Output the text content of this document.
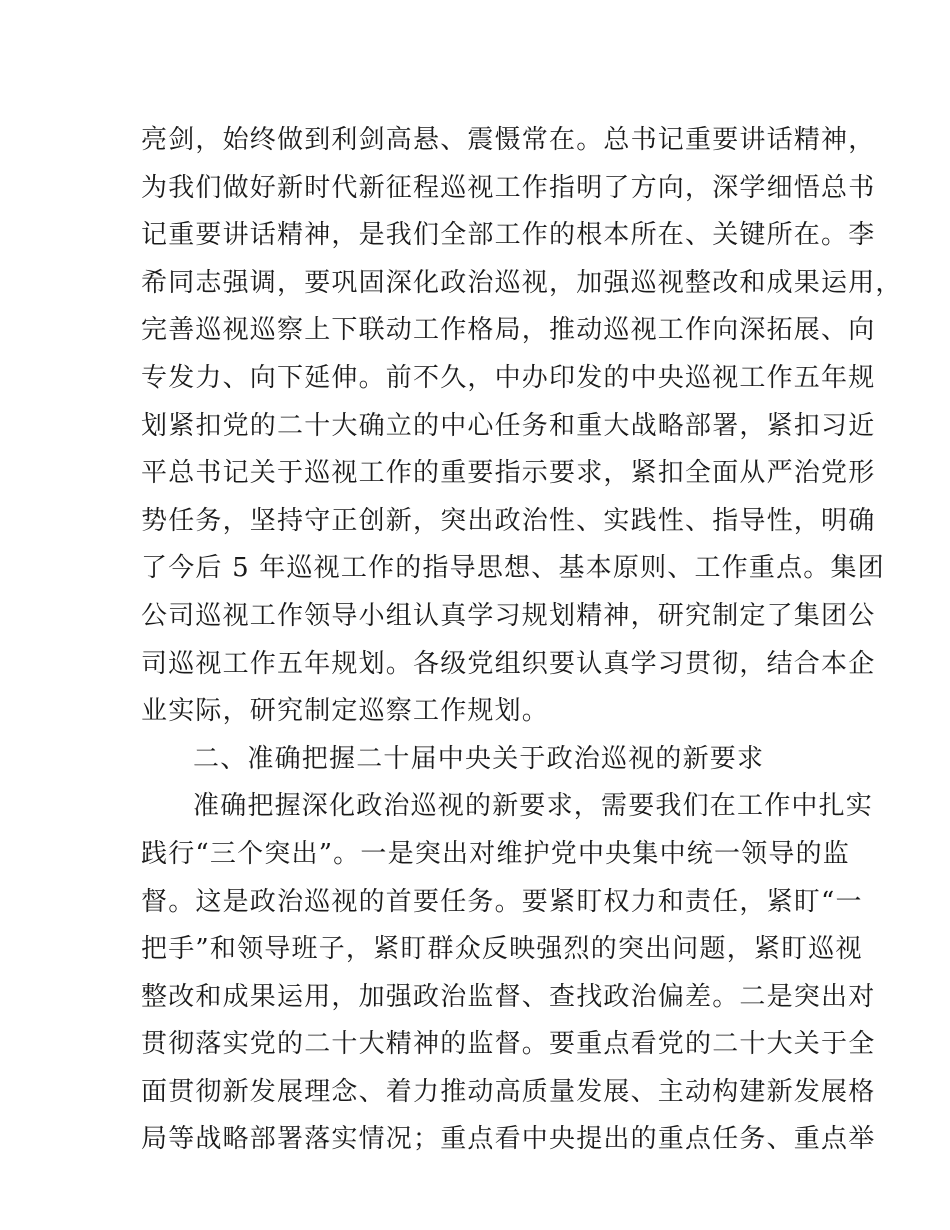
亮剑，始终做到利剑高悬、震慑常在。总书记重要讲话精神，
为我们做好新时代新征程巡视工作指明了方向，深学细悟总书
记重要讲话精神，是我们全部工作的根本所在、关键所在。李
希同志强调，要巩固深化政治巡视，加强巡视整改和成果运用，
完善巡视巡察上下联动工作格局，推动巡视工作向深拓展、向
专发力、向下延伸。前不久，中办印发的中央巡视工作五年规
划紧扣党的二十大确立的中心任务和重大战略部署，紧扣习近
平总书记关于巡视工作的重要指示要求，紧扣全面从严治党形
势任务，坚持守正创新，突出政治性、实践性、指导性，明确
了今后 5 年巡视工作的指导思想、基本原则、工作重点。集团
公司巡视工作领导小组认真学习规划精神，研究制定了集团公
司巡视工作五年规划。各级党组织要认真学习贯彻，结合本企
业实际，研究制定巡察工作规划。
二、准确把握二十届中央关于政治巡视的新要求
准确把握深化政治巡视的新要求，需要我们在工作中扎实
践行“三个突出”。一是突出对维护党中央集中统一领导的监
督。这是政治巡视的首要任务。要紧盯权力和责任，紧盯“一
把手”和领导班子，紧盯群众反映强烈的突出问题，紧盯巡视
整改和成果运用，加强政治监督、查找政治偏差。二是突出对
贯彻落实党的二十大精神的监督。要重点看党的二十大关于全
面贯彻新发展理念、着力推动高质量发展、主动构建新发展格
局等战略部署落实情况；重点看中央提出的重点任务、重点举
